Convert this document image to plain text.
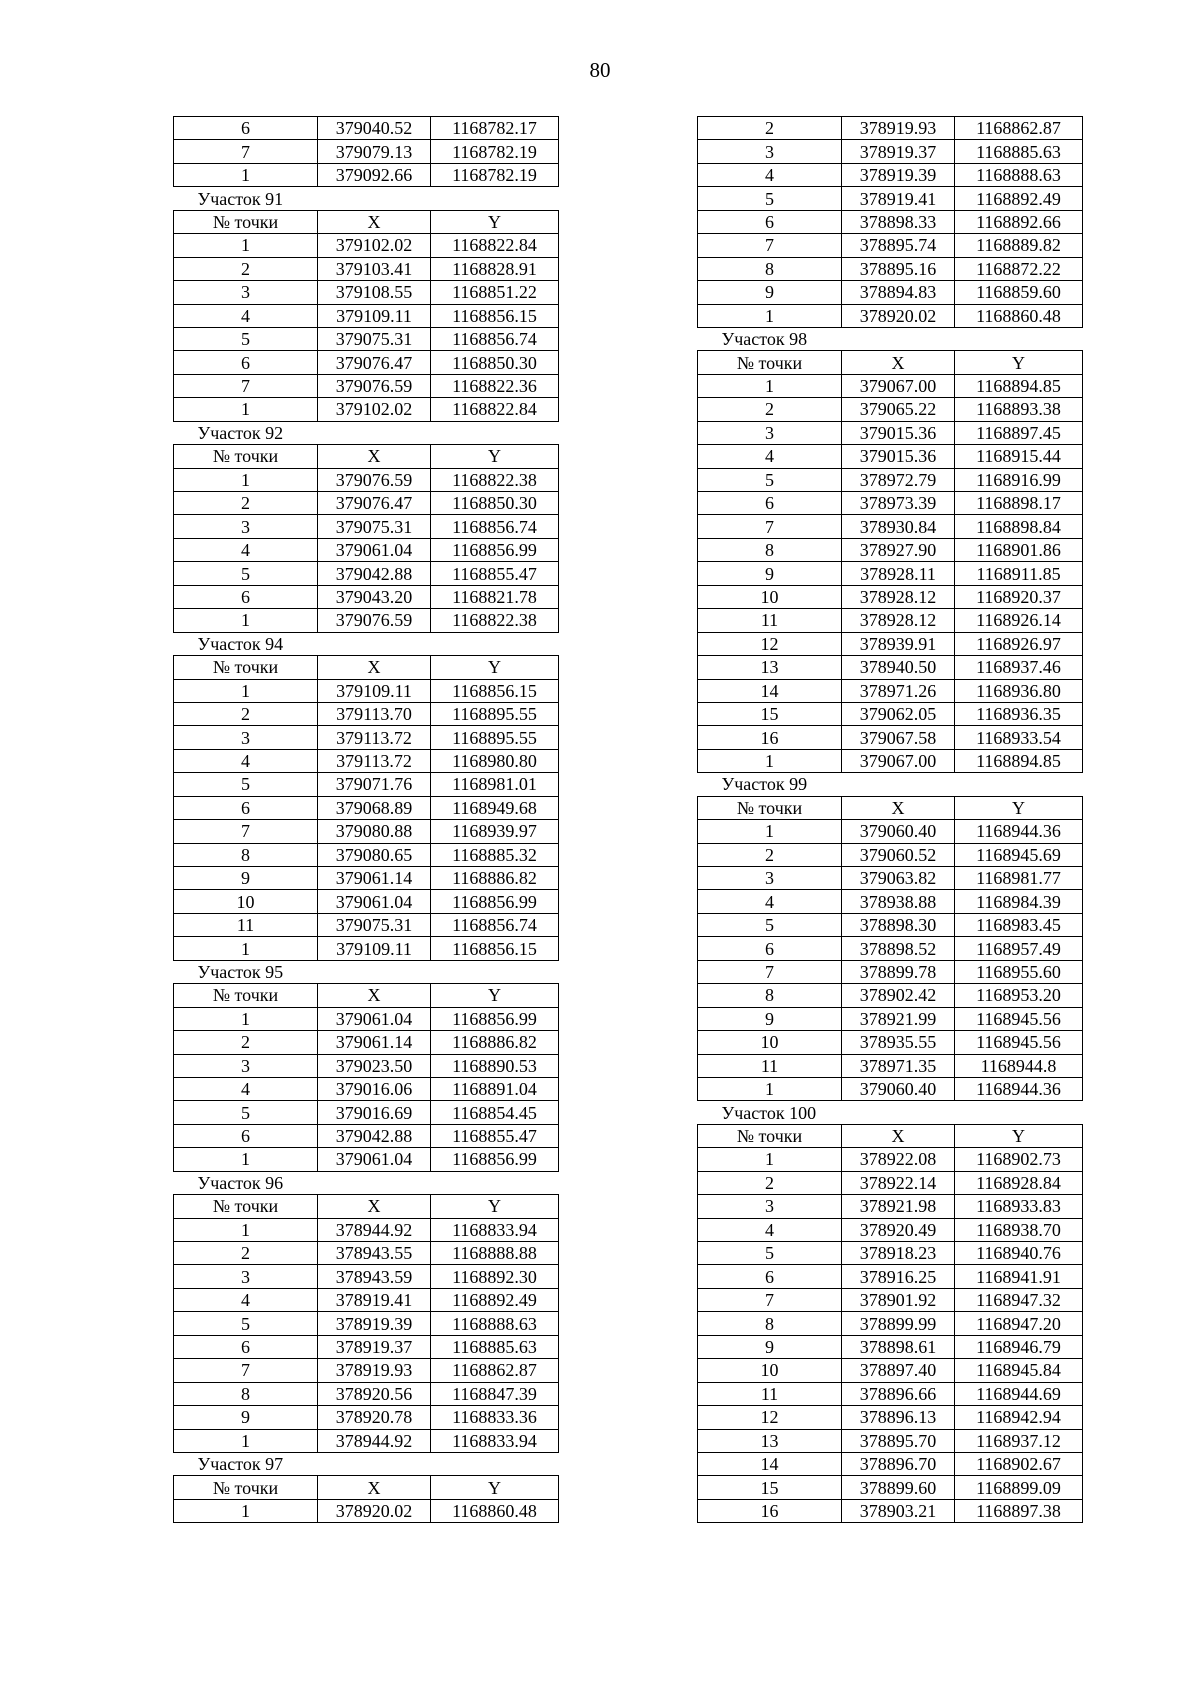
80
6	379040.52	1168782.17
7	379079.13	1168782.19
1	379092.66	1168782.19
Участок 91		
№ точки	X	Y
1	379102.02	1168822.84
2	379103.41	1168828.91
3	379108.55	1168851.22
4	379109.11	1168856.15
5	379075.31	1168856.74
6	379076.47	1168850.30
7	379076.59	1168822.36
1	379102.02	1168822.84
Участок 92		
№ точки	X	Y
1	379076.59	1168822.38
2	379076.47	1168850.30
3	379075.31	1168856.74
4	379061.04	1168856.99
5	379042.88	1168855.47
6	379043.20	1168821.78
1	379076.59	1168822.38
Участок 94		
№ точки	X	Y
1	379109.11	1168856.15
2	379113.70	1168895.55
3	379113.72	1168895.55
4	379113.72	1168980.80
5	379071.76	1168981.01
6	379068.89	1168949.68
7	379080.88	1168939.97
8	379080.65	1168885.32
9	379061.14	1168886.82
10	379061.04	1168856.99
11	379075.31	1168856.74
1	379109.11	1168856.15
Участок 95		
№ точки	X	Y
1	379061.04	1168856.99
2	379061.14	1168886.82
3	379023.50	1168890.53
4	379016.06	1168891.04
5	379016.69	1168854.45
6	379042.88	1168855.47
1	379061.04	1168856.99
Участок 96		
№ точки	X	Y
1	378944.92	1168833.94
2	378943.55	1168888.88
3	378943.59	1168892.30
4	378919.41	1168892.49
5	378919.39	1168888.63
6	378919.37	1168885.63
7	378919.93	1168862.87
8	378920.56	1168847.39
9	378920.78	1168833.36
1	378944.92	1168833.94
Участок 97		
№ точки	X	Y
1	378920.02	1168860.48
2	378919.93	1168862.87
3	378919.37	1168885.63
4	378919.39	1168888.63
5	378919.41	1168892.49
6	378898.33	1168892.66
7	378895.74	1168889.82
8	378895.16	1168872.22
9	378894.83	1168859.60
1	378920.02	1168860.48
Участок 98		
№ точки	X	Y
1	379067.00	1168894.85
2	379065.22	1168893.38
3	379015.36	1168897.45
4	379015.36	1168915.44
5	378972.79	1168916.99
6	378973.39	1168898.17
7	378930.84	1168898.84
8	378927.90	1168901.86
9	378928.11	1168911.85
10	378928.12	1168920.37
11	378928.12	1168926.14
12	378939.91	1168926.97
13	378940.50	1168937.46
14	378971.26	1168936.80
15	379062.05	1168936.35
16	379067.58	1168933.54
1	379067.00	1168894.85
Участок 99		
№ точки	X	Y
1	379060.40	1168944.36
2	379060.52	1168945.69
3	379063.82	1168981.77
4	378938.88	1168984.39
5	378898.30	1168983.45
6	378898.52	1168957.49
7	378899.78	1168955.60
8	378902.42	1168953.20
9	378921.99	1168945.56
10	378935.55	1168945.56
11	378971.35	1168944.8
1	379060.40	1168944.36
Участок 100		
№ точки	X	Y
1	378922.08	1168902.73
2	378922.14	1168928.84
3	378921.98	1168933.83
4	378920.49	1168938.70
5	378918.23	1168940.76
6	378916.25	1168941.91
7	378901.92	1168947.32
8	378899.99	1168947.20
9	378898.61	1168946.79
10	378897.40	1168945.84
11	378896.66	1168944.69
12	378896.13	1168942.94
13	378895.70	1168937.12
14	378896.70	1168902.67
15	378899.60	1168899.09
16	378903.21	1168897.38
